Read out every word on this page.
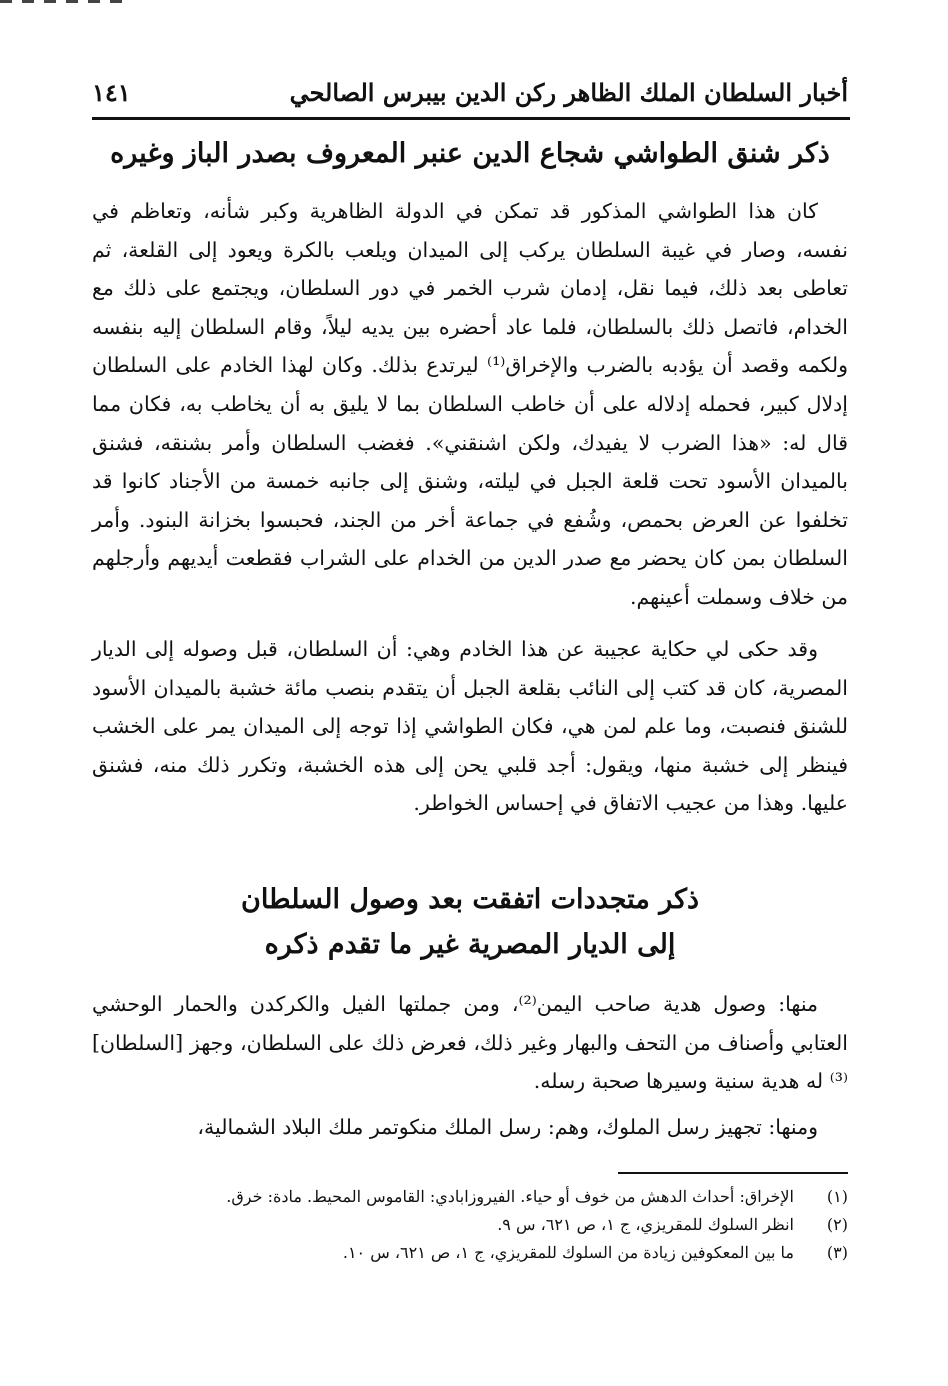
أخبار السلطان الملك الظاهر ركن الدين بيبرس الصالحي
١٤١
ذكر شنق الطواشي شجاع الدين عنبر المعروف بصدر الباز وغيره
كان هذا الطواشي المذكور قد تمكن في الدولة الظاهرية وكبر شأنه، وتعاظم في نفسه، وصار في غيبة السلطان يركب إلى الميدان ويلعب بالكرة ويعود إلى القلعة، ثم تعاطى بعد ذلك، فيما نقل، إدمان شرب الخمر في دور السلطان، ويجتمع على ذلك مع الخدام، فاتصل ذلك بالسلطان، فلما عاد أحضره بين يديه ليلاً، وقام السلطان إليه بنفسه ولكمه وقصد أن يؤدبه بالضرب والإخراق⁽¹⁾ ليرتدع بذلك. وكان لهذا الخادم على السلطان إدلال كبير، فحمله إدلاله على أن خاطب السلطان بما لا يليق به أن يخاطب به، فكان مما قال له: «هذا الضرب لا يفيدك، ولكن اشنقني». فغضب السلطان وأمر بشنقه، فشنق بالميدان الأسود تحت قلعة الجبل في ليلته، وشنق إلى جانبه خمسة من الأجناد كانوا قد تخلفوا عن العرض بحمص، وشُفع في جماعة أخر من الجند، فحبسوا بخزانة البنود. وأمر السلطان بمن كان يحضر مع صدر الدين من الخدام على الشراب فقطعت أيديهم وأرجلهم من خلاف وسملت أعينهم.
وقد حكى لي حكاية عجيبة عن هذا الخادم وهي: أن السلطان، قبل وصوله إلى الديار المصرية، كان قد كتب إلى النائب بقلعة الجبل أن يتقدم بنصب مائة خشبة بالميدان الأسود للشنق فنصبت، وما علم لمن هي، فكان الطواشي إذا توجه إلى الميدان يمر على الخشب فينظر إلى خشبة منها، ويقول: أجد قلبي يحن إلى هذه الخشبة، وتكرر ذلك منه، فشنق عليها. وهذا من عجيب الاتفاق في إحساس الخواطر.
ذكر متجددات اتفقت بعد وصول السلطان
إلى الديار المصرية غير ما تقدم ذكره
منها: وصول هدية صاحب اليمن⁽²⁾، ومن جملتها الفيل والكركدن والحمار الوحشي العتابي وأصناف من التحف والبهار وغير ذلك، فعرض ذلك على السلطان، وجهز [السلطان]⁽³⁾ له هدية سنية وسيرها صحبة رسله.
ومنها: تجهيز رسل الملوك، وهم: رسل الملك منكوتمر ملك البلاد الشمالية،
(١)
الإخراق: أحداث الدهش من خوف أو حياء. الفيروزابادي: القاموس المحيط. مادة: خرق.
(٢)
انظر السلوك للمقريزي، ج ١، ص ٦٢١، س ٩.
(٣)
ما بين المعكوفين زيادة من السلوك للمقريزي، ج ١، ص ٦٢١، س ١٠.
